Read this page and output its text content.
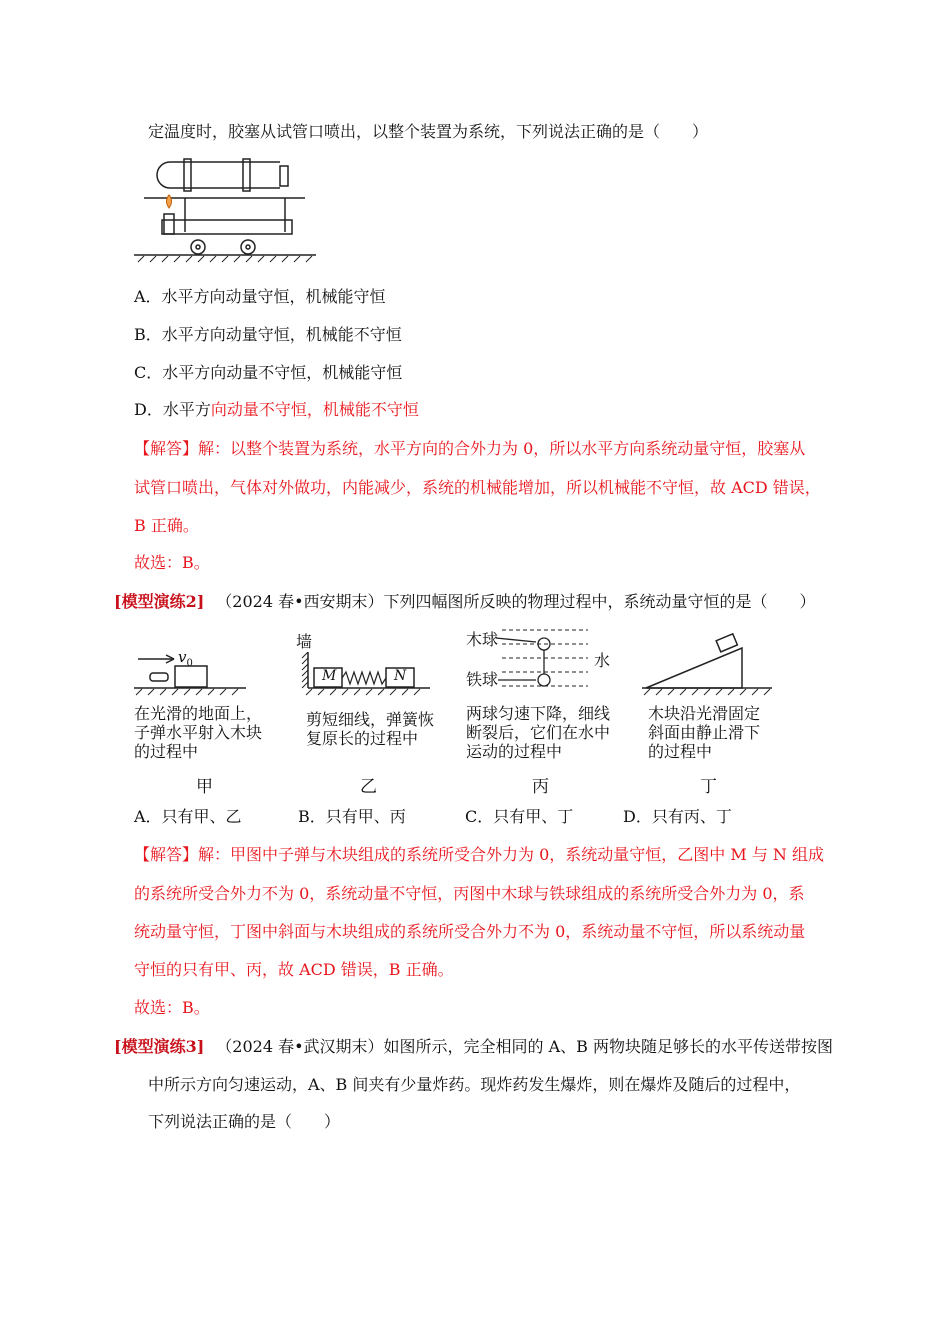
定温度时，胶塞从试管口喷出，以整个装置为系统，下列说法正确的是（　　）
A．水平方向动量守恒，机械能守恒
B．水平方向动量守恒，机械能不守恒
C．水平方向动量不守恒，机械能守恒
D．水平方向动量不守恒，机械能不守恒
【解答】解：以整个装置为系统，水平方向的合外力为 0，所以水平方向系统动量守恒，胶塞从
试管口喷出，气体对外做功，内能减少，系统的机械能增加，所以机械能不守恒，故 ACD 错误，
B 正确。
故选：B。
[模型演练2] （2024 春•西安期末）下列四幅图所反映的物理过程中，系统动量守恒的是（　　）
$v_0$
在光滑的地面上，
子弹水平射入木块
的过程中
甲
墙
M	N
剪短细线，弹簧恢
复原长的过程中
乙
木球
铁球
水
两球匀速下降，细线
断裂后，它们在水中
运动的过程中
丙
木块沿光滑固定
斜面由静止滑下
的过程中
丁
A．只有甲、乙	B．只有甲、丙	C．只有甲、丁	D．只有丙、丁
【解答】解：甲图中子弹与木块组成的系统所受合外力为 0，系统动量守恒，乙图中 M 与 N 组成
的系统所受合外力不为 0，系统动量不守恒，丙图中木球与铁球组成的系统所受合外力为 0，系
统动量守恒，丁图中斜面与木块组成的系统所受合外力不为 0，系统动量不守恒，所以系统动量
守恒的只有甲、丙，故 ACD 错误，B 正确。
故选：B。
[模型演练3] （2024 春•武汉期末）如图所示，完全相同的 A、B 两物块随足够长的水平传送带按图
中所示方向匀速运动，A、B 间夹有少量炸药。现炸药发生爆炸，则在爆炸及随后的过程中，
下列说法正确的是（　　）
